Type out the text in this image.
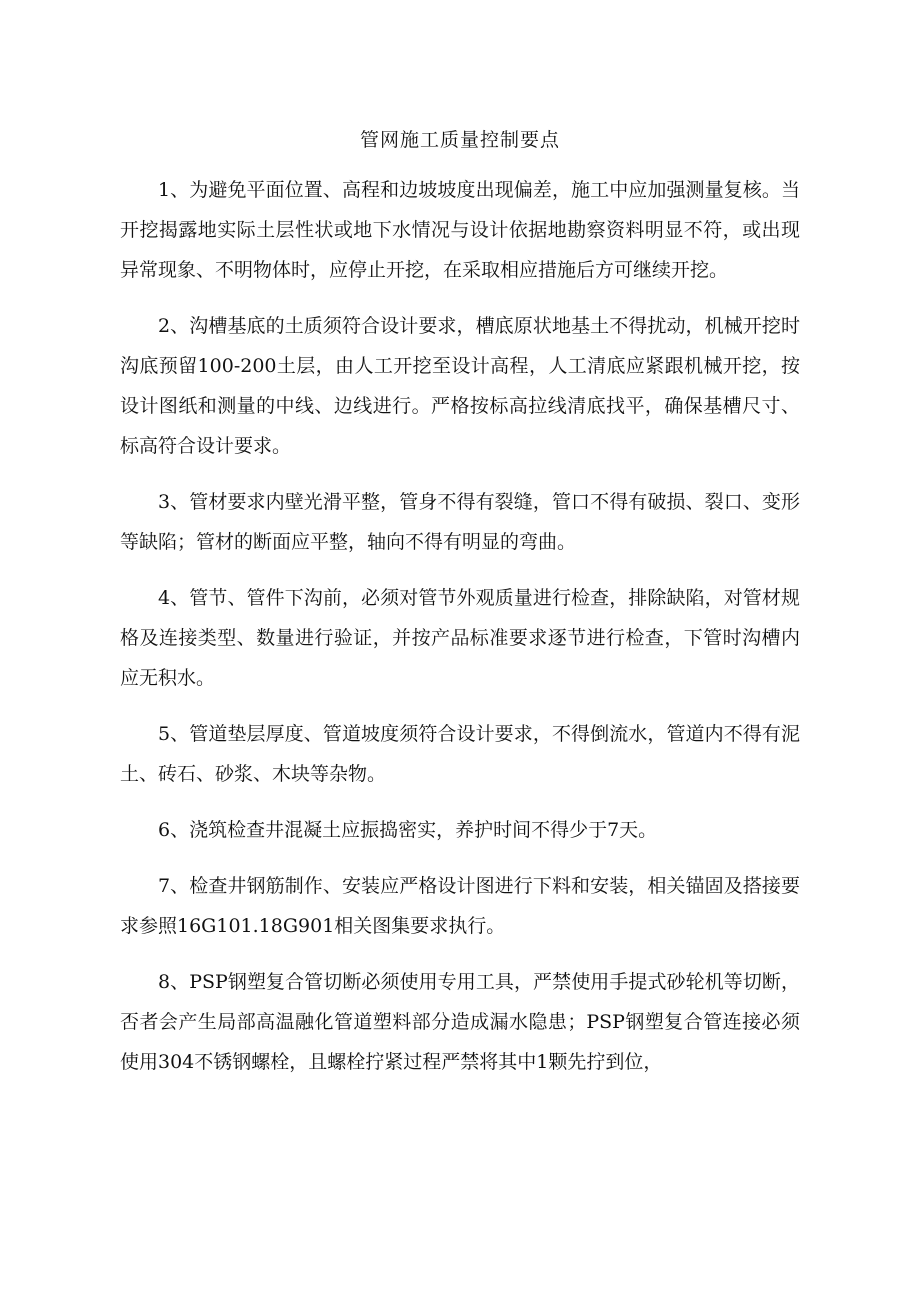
管网施工质量控制要点

1、为避免平面位置、高程和边坡坡度出现偏差，施工中应加强测量复核。当开挖揭露地实际土层性状或地下水情况与设计依据地勘察资料明显不符，或出现异常现象、不明物体时，应停止开挖，在采取相应措施后方可继续开挖。

2、沟槽基底的土质须符合设计要求，槽底原状地基土不得扰动，机械开挖时沟底预留100-200土层，由人工开挖至设计高程，人工清底应紧跟机械开挖，按设计图纸和测量的中线、边线进行。严格按标高拉线清底找平，确保基槽尺寸、标高符合设计要求。

3、管材要求内壁光滑平整，管身不得有裂缝，管口不得有破损、裂口、变形等缺陷；管材的断面应平整，轴向不得有明显的弯曲。

4、管节、管件下沟前，必须对管节外观质量进行检查，排除缺陷，对管材规格及连接类型、数量进行验证，并按产品标准要求逐节进行检查，下管时沟槽内应无积水。

5、管道垫层厚度、管道坡度须符合设计要求，不得倒流水，管道内不得有泥土、砖石、砂浆、木块等杂物。

6、浇筑检查井混凝土应振捣密实，养护时间不得少于7天。

7、检查井钢筋制作、安装应严格设计图进行下料和安装，相关锚固及搭接要求参照16G101.18G901相关图集要求执行。

8、PSP钢塑复合管切断必须使用专用工具，严禁使用手提式砂轮机等切断，否者会产生局部高温融化管道塑料部分造成漏水隐患；PSP钢塑复合管连接必须使用304不锈钢螺栓，且螺栓拧紧过程严禁将其中1颗先拧到位，
